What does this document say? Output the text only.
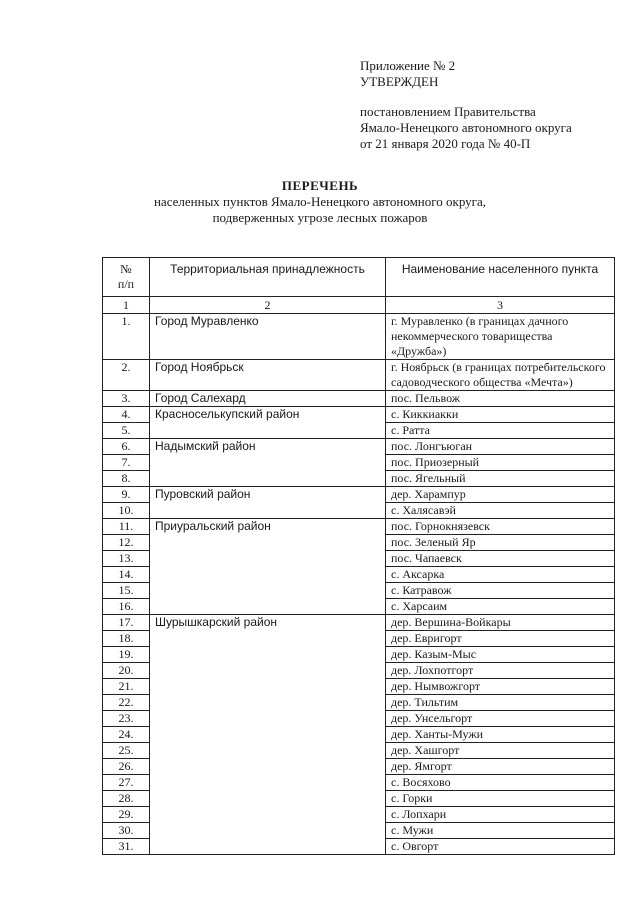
Приложение № 2
УТВЕРЖДЕН
постановлением Правительства
Ямало-Ненецкого автономного округа
от 21 января 2020 года № 40-П
ПЕРЕЧЕНЬ
населенных пунктов Ямало-Ненецкого автономного округа,
подверженных угрозе лесных пожаров
№
п/п	Территориальная принадлежность	Наименование населенного пункта
1	2	3
1.	Город Муравленко	г. Муравленко (в границах дачного некоммерческого товарищества «Дружба»)
2.	Город Ноябрьск	г. Ноябрьск (в границах потребительского садоводческого общества «Мечта»)
3.	Город Салехард	пос. Пельвож
4.	Красноселькупский район	с. Киккиакки
5.		с. Ратта
6.	Надымский район	пос. Лонгъюган
7.		пос. Приозерный
8.		пос. Ягельный
9.	Пуровский район	дер. Харампур
10.		с. Халясавэй
11.	Приуральский район	пос. Горнокнязевск
12.		пос. Зеленый Яр
13.		пос. Чапаевск
14.		с. Аксарка
15.		с. Катравож
16.		с. Харсаим
17.	Шурышкарский район	дер. Вершина-Войкары
18.		дер. Евригорт
19.		дер. Казым-Мыс
20.		дер. Лохпотгорт
21.		дер. Нымвожгорт
22.		дер. Тильтим
23.		дер. Унсельгорт
24.		дер. Ханты-Мужи
25.		дер. Хашгорт
26.		дер. Ямгорт
27.		с. Восяхово
28.		с. Горки
29.		с. Лопхари
30.		с. Мужи
31.		с. Овгорт
